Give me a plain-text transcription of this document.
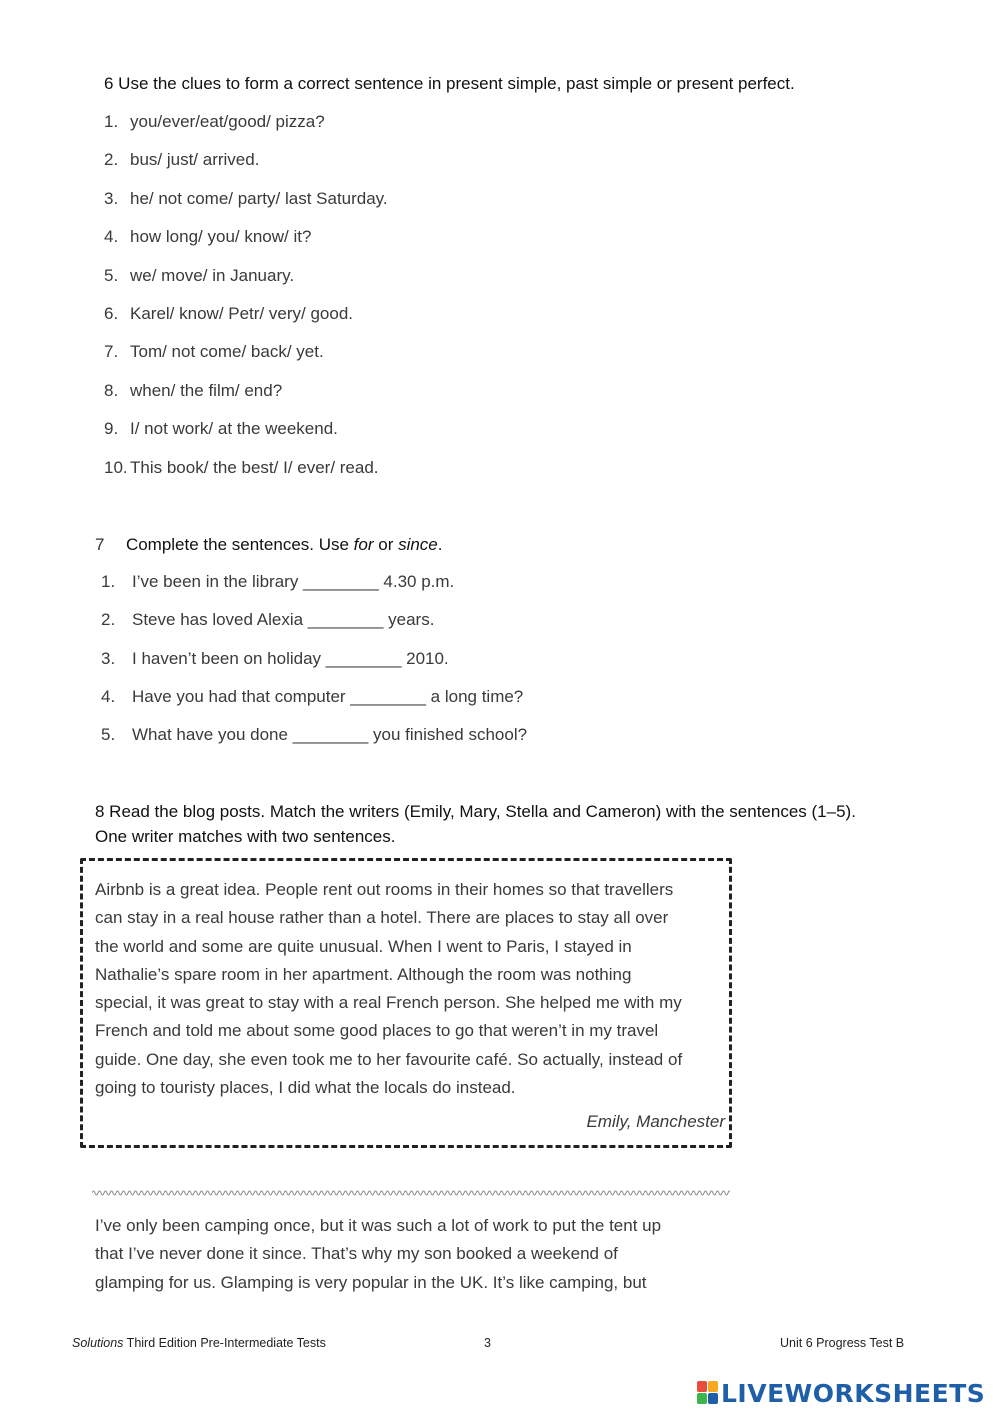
6 Use the clues to form a correct sentence in present simple, past simple or present perfect.
1. you/ever/eat/good/ pizza?
2. bus/ just/ arrived.
3. he/ not come/ party/ last Saturday.
4. how long/ you/ know/ it?
5. we/ move/ in January.
6. Karel/ know/ Petr/ very/ good.
7. Tom/ not come/ back/ yet.
8. when/ the film/ end?
9. I/ not work/ at the weekend.
10. This book/ the best/ I/ ever/ read.
7 Complete the sentences. Use for or since.
1. I’ve been in the library ________ 4.30 p.m.
2. Steve has loved Alexia ________ years.
3. I haven’t been on holiday ________ 2010.
4. Have you had that computer ________ a long time?
5. What have you done ________ you finished school?
8 Read the blog posts. Match the writers (Emily, Mary, Stella and Cameron) with the sentences (1–5).
One writer matches with two sentences.
Airbnb is a great idea. People rent out rooms in their homes so that travellers
can stay in a real house rather than a hotel. There are places to stay all over
the world and some are quite unusual. When I went to Paris, I stayed in
Nathalie’s spare room in her apartment. Although the room was nothing
special, it was great to stay with a real French person. She helped me with my
French and told me about some good places to go that weren’t in my travel
guide. One day, she even took me to her favourite café. So actually, instead of
going to touristy places, I did what the locals do instead.
Emily, Manchester
I’ve only been camping once, but it was such a lot of work to put the tent up
that I’ve never done it since. That’s why my son booked a weekend of
glamping for us. Glamping is very popular in the UK. It’s like camping, but
Solutions Third Edition Pre-Intermediate Tests	3	Unit 6 Progress Test B
LIVEWORKSHEETS
